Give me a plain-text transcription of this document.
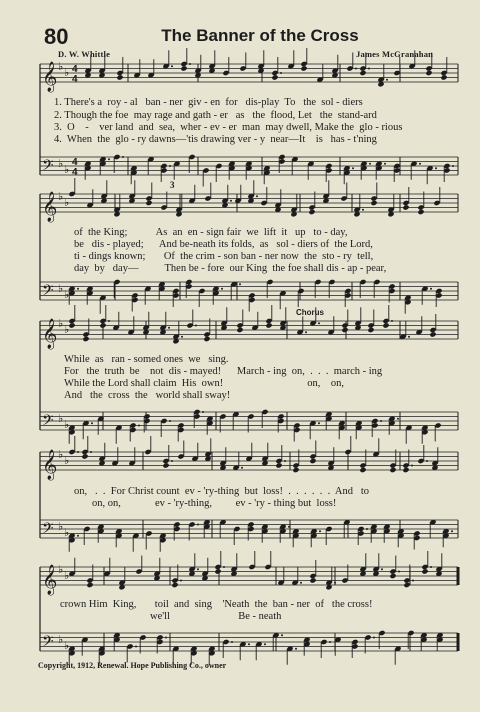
80	The Banner of the Cross
D. W. Whittle	James McGranahan
𝄞 ♭ ♭ 4
4
𝄢 ♭ ♭
4
4
𝄞 ♭ ♭
𝄢 ♭ ♭
𝄞 ♭ ♭
𝄢 ♭ ♭
𝄞 ♭ ♭
𝄢 ♭ ♭
𝄞 ♭ ♭
𝄢 ♭ ♭
3
1. There's a  roy - al   ban - ner  giv - en  for   dis-play  To   the  sol - diers
2. Though the foe  may rage and gath - er   as   the  flood, Let   the  stand-ard
3.  O    -    ver land  and  sea,  wher - ev - er  man  may dwell, Make the  glo - rious
4.  When  the  glo - ry dawns—'tis drawing ver - y  near—It    is   has - t'ning
of  the King;           As  an  en - sign fair  we  lift  it   up   to - day,
be   dis - played;      And be-neath its folds,  as   sol - diers of  the Lord,
ti - dings known;       Of  the crim - son ban - ner now  the  sto - ry  tell,
day  by   day—          Then be - fore  our King  the foe shall dis - ap - pear,
Chorus
While  as   ran - somed ones  we   sing.
For   the  truth  be    not  dis - mayed!      March - ing  on,  .  .  .  march - ing
While the Lord shall claim  His  own!                                on,    on,
And   the  cross  the   world shall sway!
on,   .  .  For Christ count  ev - 'ry-thing  but  loss!  .  .  .  .  .  .  And   to
on, on,             ev - 'ry-thing,         ev - 'ry - thing but  loss!
crown Him  King,       toil  and  sing    'Neath  the  ban - ner  of   the cross!
we'll                          Be - neath
Copyright, 1912, Renewal. Hope Publishing Co., owner
